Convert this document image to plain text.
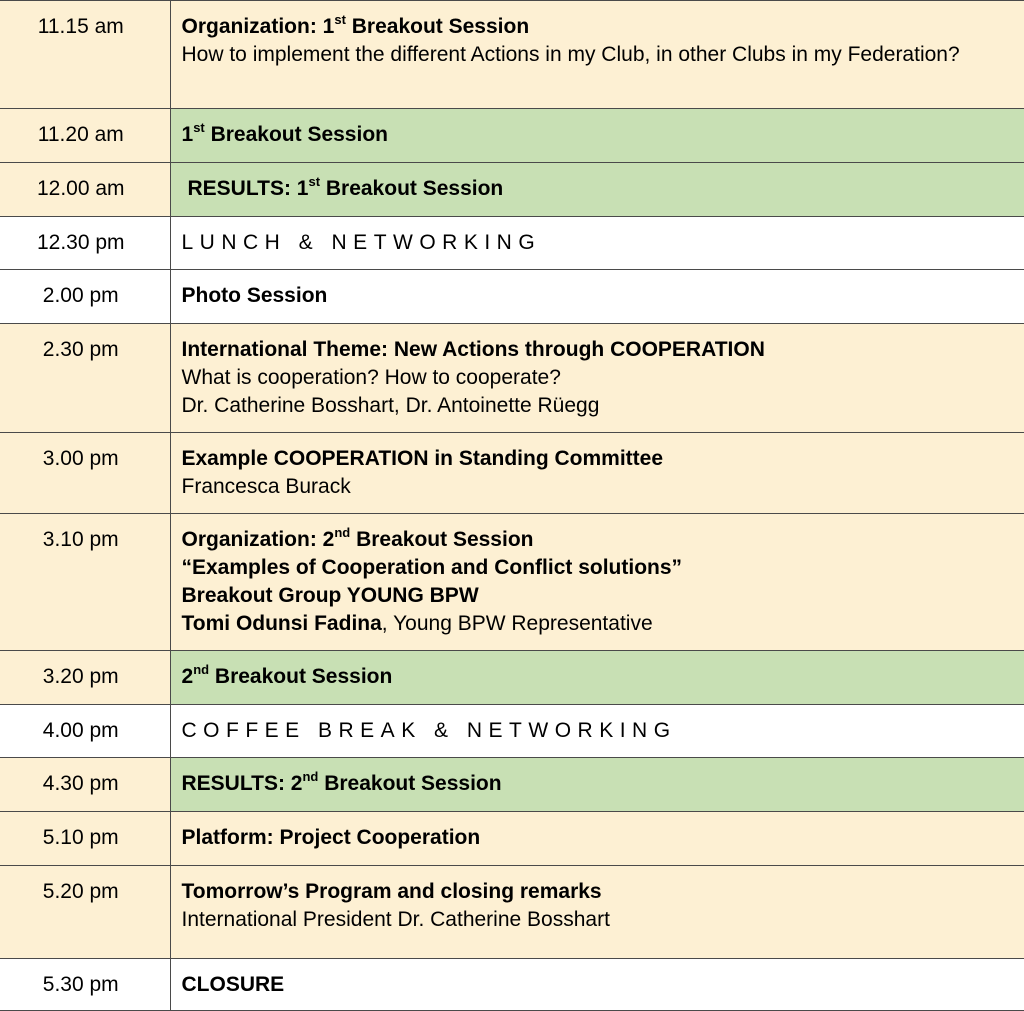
11.15 am	Organization: 1st Breakout Session
How to implement the different Actions in my Club, in other Clubs in my Federation?

11.20 am	1st Breakout Session

12.00 am	RESULTS: 1st Breakout Session

12.30 pm	LUNCH & NETWORKING

2.00 pm	Photo Session

2.30 pm	International Theme: New Actions through COOPERATION
What is cooperation? How to cooperate?
Dr. Catherine Bosshart, Dr. Antoinette Rüegg

3.00 pm	Example COOPERATION in Standing Committee
Francesca Burack

3.10 pm	Organization: 2nd Breakout Session
“Examples of Cooperation and Conflict solutions”
Breakout Group YOUNG BPW
Tomi Odunsi Fadina, Young BPW Representative

3.20 pm	2nd Breakout Session

4.00 pm	COFFEE BREAK & NETWORKING

4.30 pm	RESULTS: 2nd Breakout Session

5.10 pm	Platform: Project Cooperation

5.20 pm	Tomorrow’s Program and closing remarks
International President Dr. Catherine Bosshart

5.30 pm	CLOSURE
